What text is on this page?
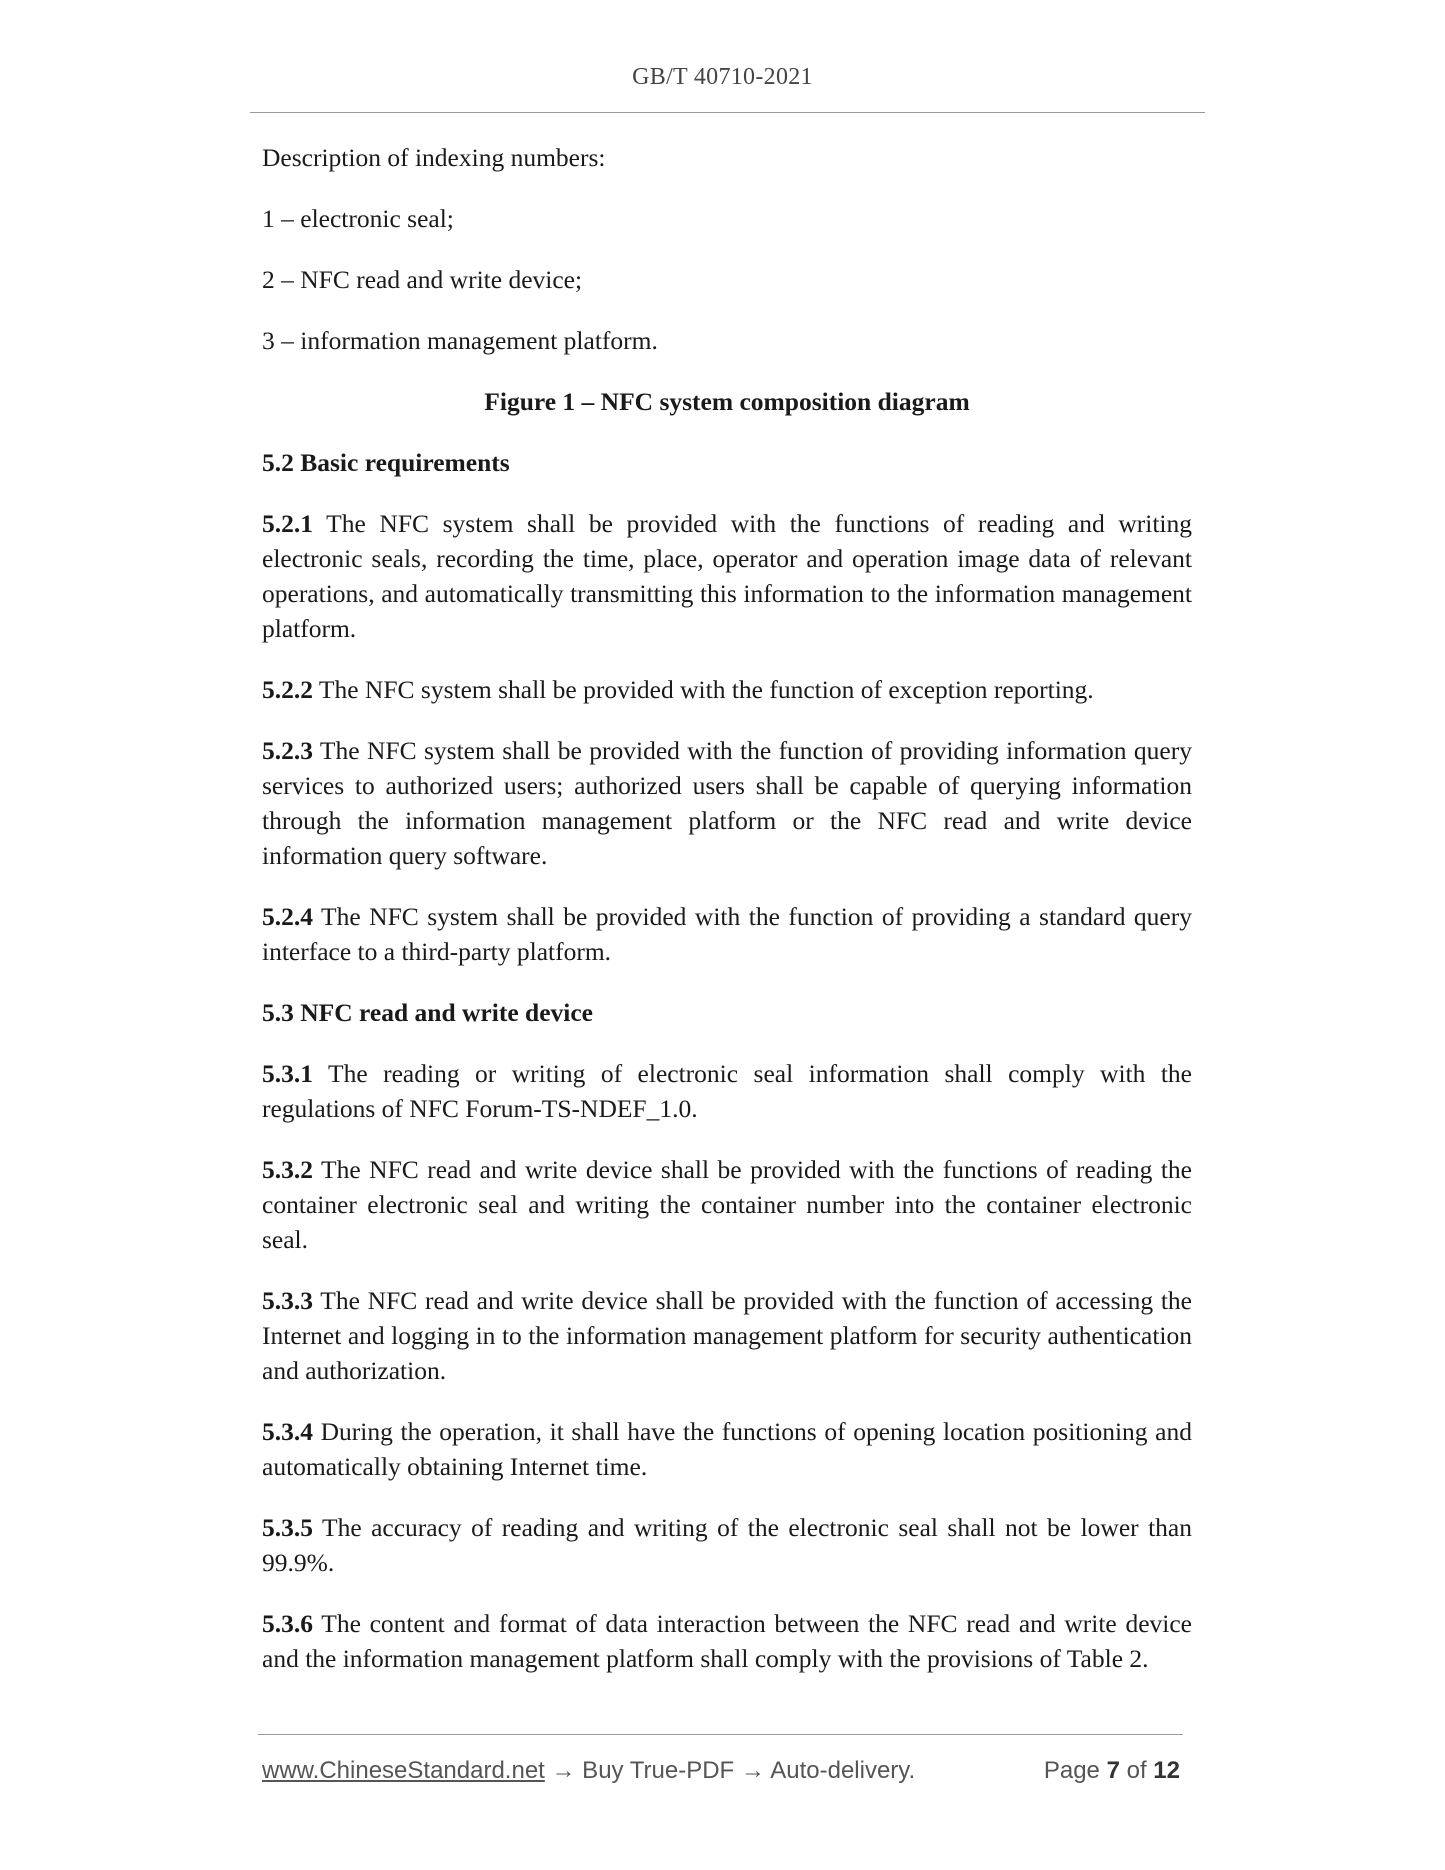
GB/T 40710-2021

Description of indexing numbers:

1 – electronic seal;

2 – NFC read and write device;

3 – information management platform.

Figure 1 – NFC system composition diagram

5.2 Basic requirements

5.2.1 The NFC system shall be provided with the functions of reading and writing electronic seals, recording the time, place, operator and operation image data of relevant operations, and automatically transmitting this information to the information management platform.

5.2.2 The NFC system shall be provided with the function of exception reporting.

5.2.3 The NFC system shall be provided with the function of providing information query services to authorized users; authorized users shall be capable of querying information through the information management platform or the NFC read and write device information query software.

5.2.4 The NFC system shall be provided with the function of providing a standard query interface to a third-party platform.

5.3 NFC read and write device

5.3.1 The reading or writing of electronic seal information shall comply with the regulations of NFC Forum-TS-NDEF_1.0.

5.3.2 The NFC read and write device shall be provided with the functions of reading the container electronic seal and writing the container number into the container electronic seal.

5.3.3 The NFC read and write device shall be provided with the function of accessing the Internet and logging in to the information management platform for security authentication and authorization.

5.3.4 During the operation, it shall have the functions of opening location positioning and automatically obtaining Internet time.

5.3.5 The accuracy of reading and writing of the electronic seal shall not be lower than 99.9%.

5.3.6 The content and format of data interaction between the NFC read and write device and the information management platform shall comply with the provisions of Table 2.

www.ChineseStandard.net → Buy True-PDF → Auto-delivery.	Page 7 of 12
